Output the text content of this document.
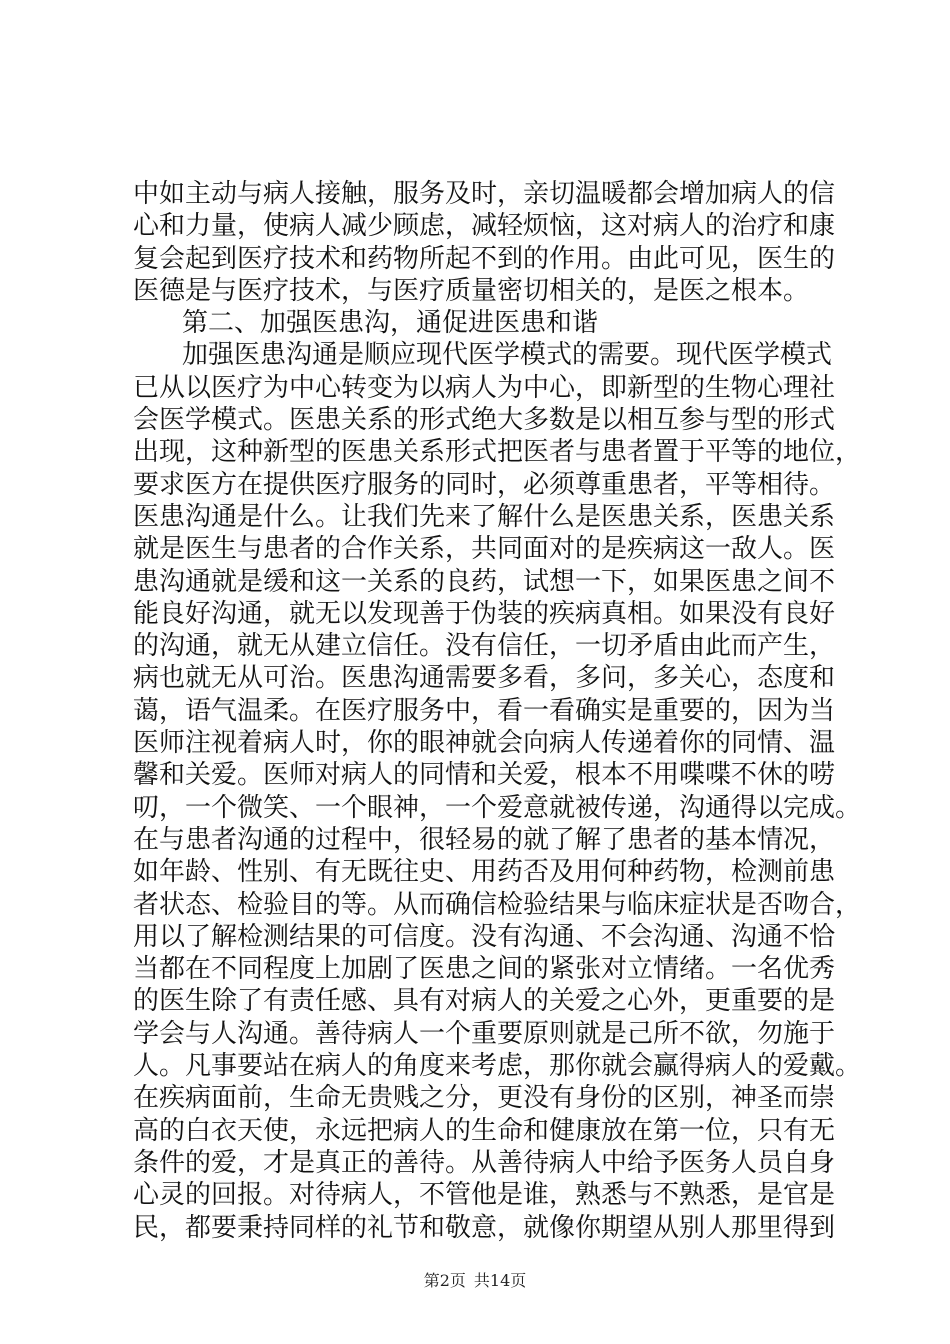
中如主动与病人接触，服务及时，亲切温暖都会增加病人的信
心和力量，使病人减少顾虑，减轻烦恼，这对病人的治疗和康
复会起到医疗技术和药物所起不到的作用。由此可见，医生的
医德是与医疗技术，与医疗质量密切相关的，是医之根本。
第二、加强医患沟，通促进医患和谐
加强医患沟通是顺应现代医学模式的需要。现代医学模式
已从以医疗为中心转变为以病人为中心，即新型的生物心理社
会医学模式。医患关系的形式绝大多数是以相互参与型的形式
出现，这种新型的医患关系形式把医者与患者置于平等的地位，
要求医方在提供医疗服务的同时，必须尊重患者，平等相待。
医患沟通是什么。让我们先来了解什么是医患关系，医患关系
就是医生与患者的合作关系，共同面对的是疾病这一敌人。医
患沟通就是缓和这一关系的良药，试想一下，如果医患之间不
能良好沟通，就无以发现善于伪装的疾病真相。如果没有良好
的沟通，就无从建立信任。没有信任，一切矛盾由此而产生，
病也就无从可治。医患沟通需要多看，多问，多关心，态度和
蔼，语气温柔。在医疗服务中，看一看确实是重要的，因为当
医师注视着病人时，你的眼神就会向病人传递着你的同情、温
馨和关爱。医师对病人的同情和关爱，根本不用喋喋不休的唠
叨，一个微笑、一个眼神，一个爱意就被传递，沟通得以完成。
在与患者沟通的过程中，很轻易的就了解了患者的基本情况，
如年龄、性别、有无既往史、用药否及用何种药物，检测前患
者状态、检验目的等。从而确信检验结果与临床症状是否吻合，
用以了解检测结果的可信度。没有沟通、不会沟通、沟通不恰
当都在不同程度上加剧了医患之间的紧张对立情绪。一名优秀
的医生除了有责任感、具有对病人的关爱之心外，更重要的是
学会与人沟通。善待病人一个重要原则就是己所不欲，勿施于
人。凡事要站在病人的角度来考虑，那你就会赢得病人的爱戴。
在疾病面前，生命无贵贱之分，更没有身份的区别，神圣而崇
高的白衣天使，永远把病人的生命和健康放在第一位，只有无
条件的爱，才是真正的善待。从善待病人中给予医务人员自身
心灵的回报。对待病人，不管他是谁，熟悉与不熟悉，是官是
民，都要秉持同样的礼节和敬意，就像你期望从别人那里得到
第2页 共14页
